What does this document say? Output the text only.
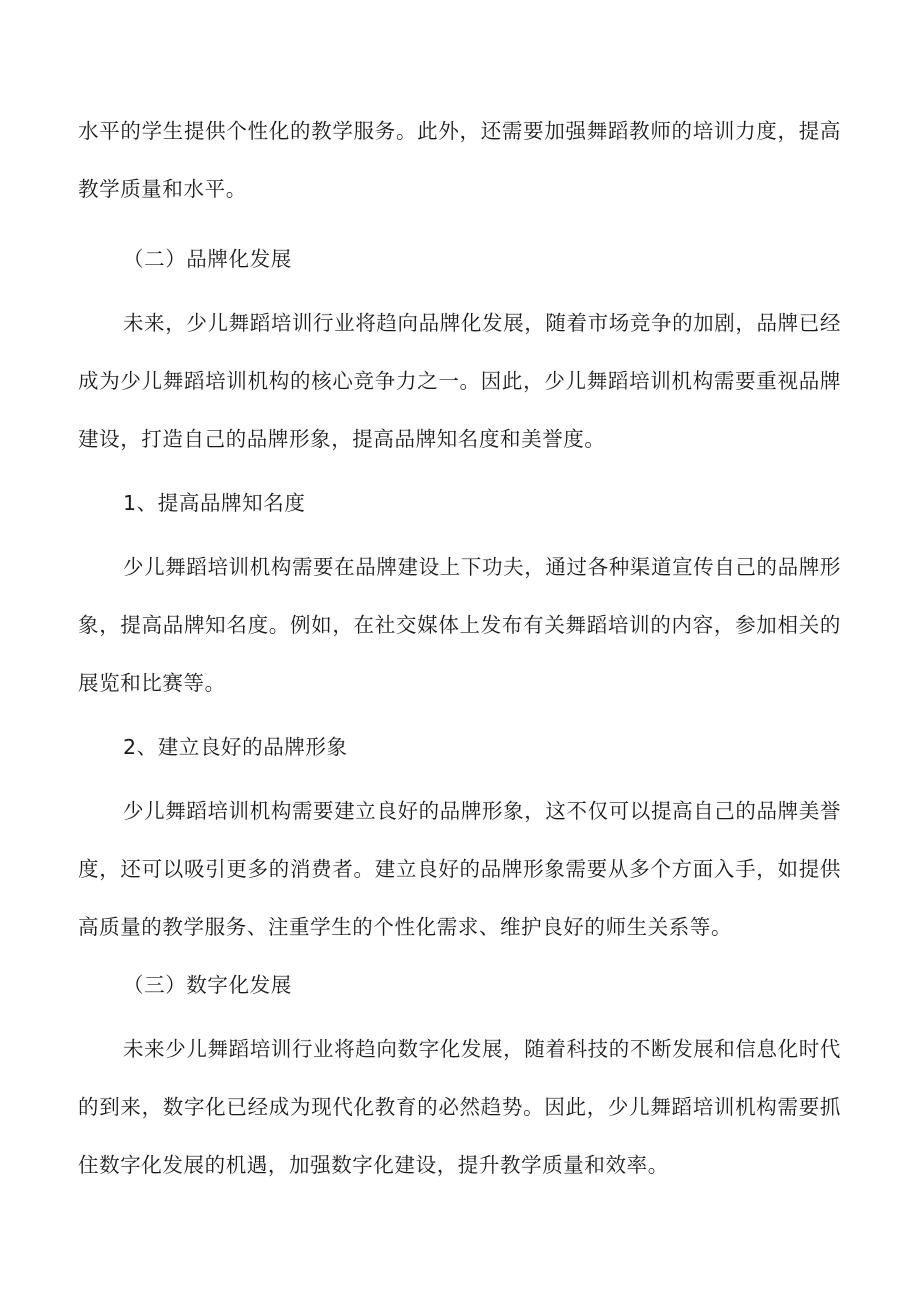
水平的学生提供个性化的教学服务。此外，还需要加强舞蹈教师的培训力度，提高教学质量和水平。

（二）品牌化发展

未来，少儿舞蹈培训行业将趋向品牌化发展，随着市场竞争的加剧，品牌已经成为少儿舞蹈培训机构的核心竞争力之一。因此，少儿舞蹈培训机构需要重视品牌建设，打造自己的品牌形象，提高品牌知名度和美誉度。

1、提高品牌知名度

少儿舞蹈培训机构需要在品牌建设上下功夫，通过各种渠道宣传自己的品牌形象，提高品牌知名度。例如，在社交媒体上发布有关舞蹈培训的内容，参加相关的展览和比赛等。

2、建立良好的品牌形象

少儿舞蹈培训机构需要建立良好的品牌形象，这不仅可以提高自己的品牌美誉度，还可以吸引更多的消费者。建立良好的品牌形象需要从多个方面入手，如提供高质量的教学服务、注重学生的个性化需求、维护良好的师生关系等。

（三）数字化发展

未来少儿舞蹈培训行业将趋向数字化发展，随着科技的不断发展和信息化时代的到来，数字化已经成为现代化教育的必然趋势。因此，少儿舞蹈培训机构需要抓住数字化发展的机遇，加强数字化建设，提升教学质量和效率。
